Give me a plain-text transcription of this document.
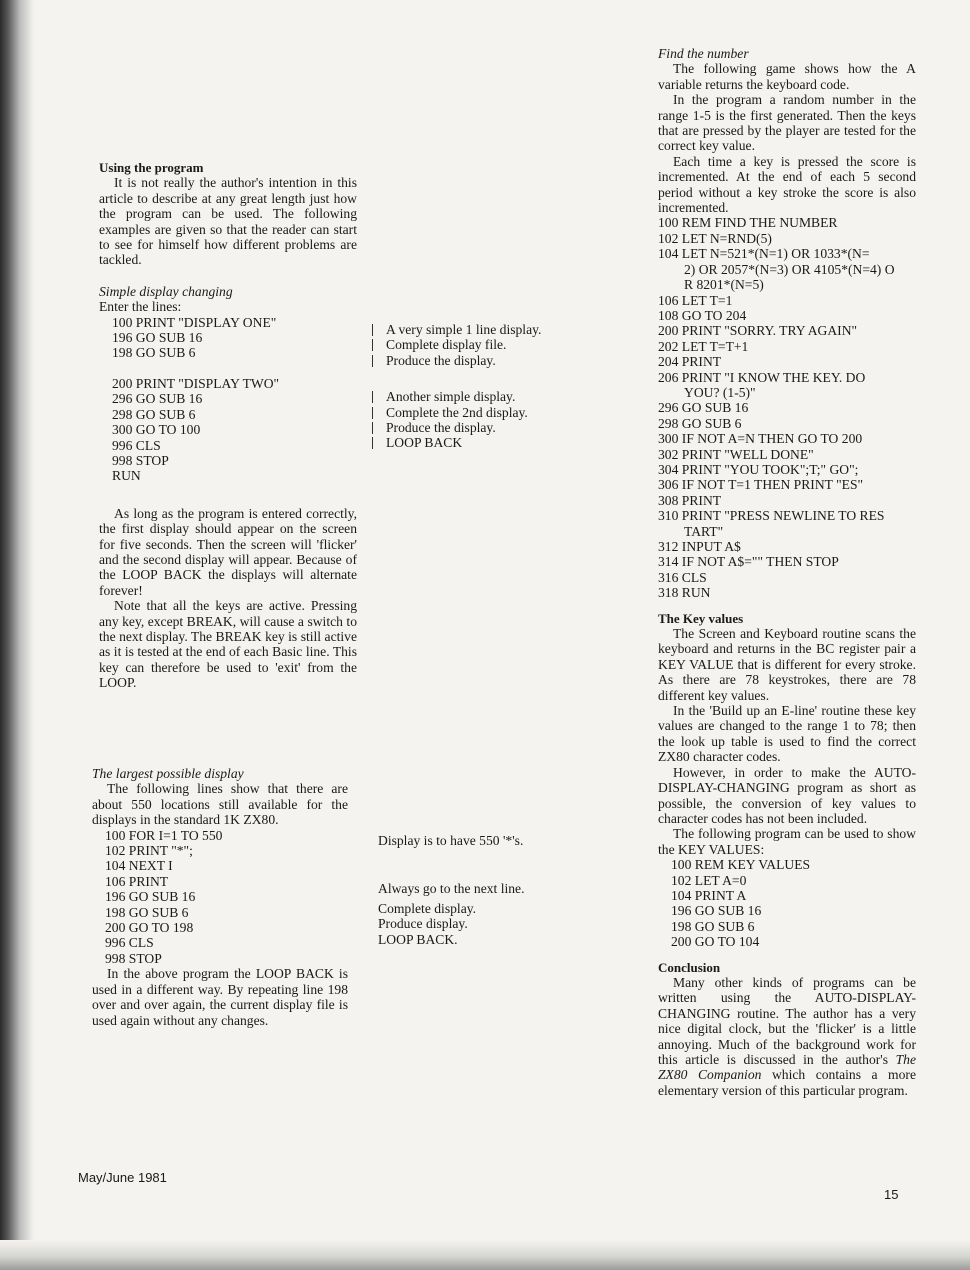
Using the program

It is not really the author's intention in this article to describe at any great length just how the program can be used. The following examples are given so that the reader can start to see for himself how different problems are tackled.

Simple display changing

Enter the lines:

100 PRINT "DISPLAY ONE"

196 GO SUB 16

198 GO SUB 6

200 PRINT "DISPLAY TWO"

296 GO SUB 16

298 GO SUB 6

300 GO TO 100

996 CLS

998 STOP

RUN

As long as the program is entered correctly, the first display should appear on the screen for five seconds. Then the screen will 'flicker' and the second display will appear. Because of the LOOP BACK the displays will alternate forever!

Note that all the keys are active. Pressing any key, except BREAK, will cause a switch to the next display. The BREAK key is still active as it is tested at the end of each Basic line. This key can therefore be used to 'exit' from the LOOP.

The largest possible display

The following lines show that there are about 550 locations still available for the displays in the standard 1K ZX80.

100 FOR I=1 TO 550

102 PRINT "*";

104 NEXT I

106 PRINT

196 GO SUB 16

198 GO SUB 6

200 GO TO 198

996 CLS

998 STOP

In the above program the LOOP BACK is used in a different way. By repeating line 198 over and over again, the current display file is used again without any changes.

A very simple 1 line display.

Complete display file.

Produce the display.

Another simple display.

Complete the 2nd display.

Produce the display.

LOOP BACK

Display is to have 550 '*'s.

Always go to the next line.

Complete display.

Produce display.

LOOP BACK.

Find the number

The following game shows how the A variable returns the keyboard code.

In the program a random number in the range 1-5 is the first generated. Then the keys that are pressed by the player are tested for the correct key value.

Each time a key is pressed the score is incremented. At the end of each 5 second period without a key stroke the score is also incremented.

100 REM FIND THE NUMBER

102 LET N=RND(5)

104 LET N=521*(N=1) OR 1033*(N=

2) OR 2057*(N=3) OR 4105*(N=4) O

R 8201*(N=5)

106 LET T=1

108 GO TO 204

200 PRINT "SORRY. TRY AGAIN"

202 LET T=T+1

204 PRINT

206 PRINT "I KNOW THE KEY. DO

YOU? (1-5)"

296 GO SUB 16

298 GO SUB 6

300 IF NOT A=N THEN GO TO 200

302 PRINT "WELL DONE"

304 PRINT "YOU TOOK";T;" GO";

306 IF NOT T=1 THEN PRINT "ES"

308 PRINT

310 PRINT "PRESS NEWLINE TO RES

TART"

312 INPUT A$

314 IF NOT A$="" THEN STOP

316 CLS

318 RUN

The Key values

The Screen and Keyboard routine scans the keyboard and returns in the BC register pair a KEY VALUE that is different for every stroke. As there are 78 keystrokes, there are 78 different key values.

In the 'Build up an E-line' routine these key values are changed to the range 1 to 78; then the look up table is used to find the correct ZX80 character codes.

However, in order to make the AUTO-DISPLAY-CHANGING program as short as possible, the conversion of key values to character codes has not been included.

The following program can be used to show the KEY VALUES:

100 REM KEY VALUES

102 LET A=0

104 PRINT A

196 GO SUB 16

198 GO SUB 6

200 GO TO 104

Conclusion

Many other kinds of programs can be written using the AUTO-DISPLAY-CHANGING routine. The author has a very nice digital clock, but the 'flicker' is a little annoying. Much of the background work for this article is discussed in the author's The ZX80 Companion which contains a more elementary version of this particular program.

May/June 1981
15
